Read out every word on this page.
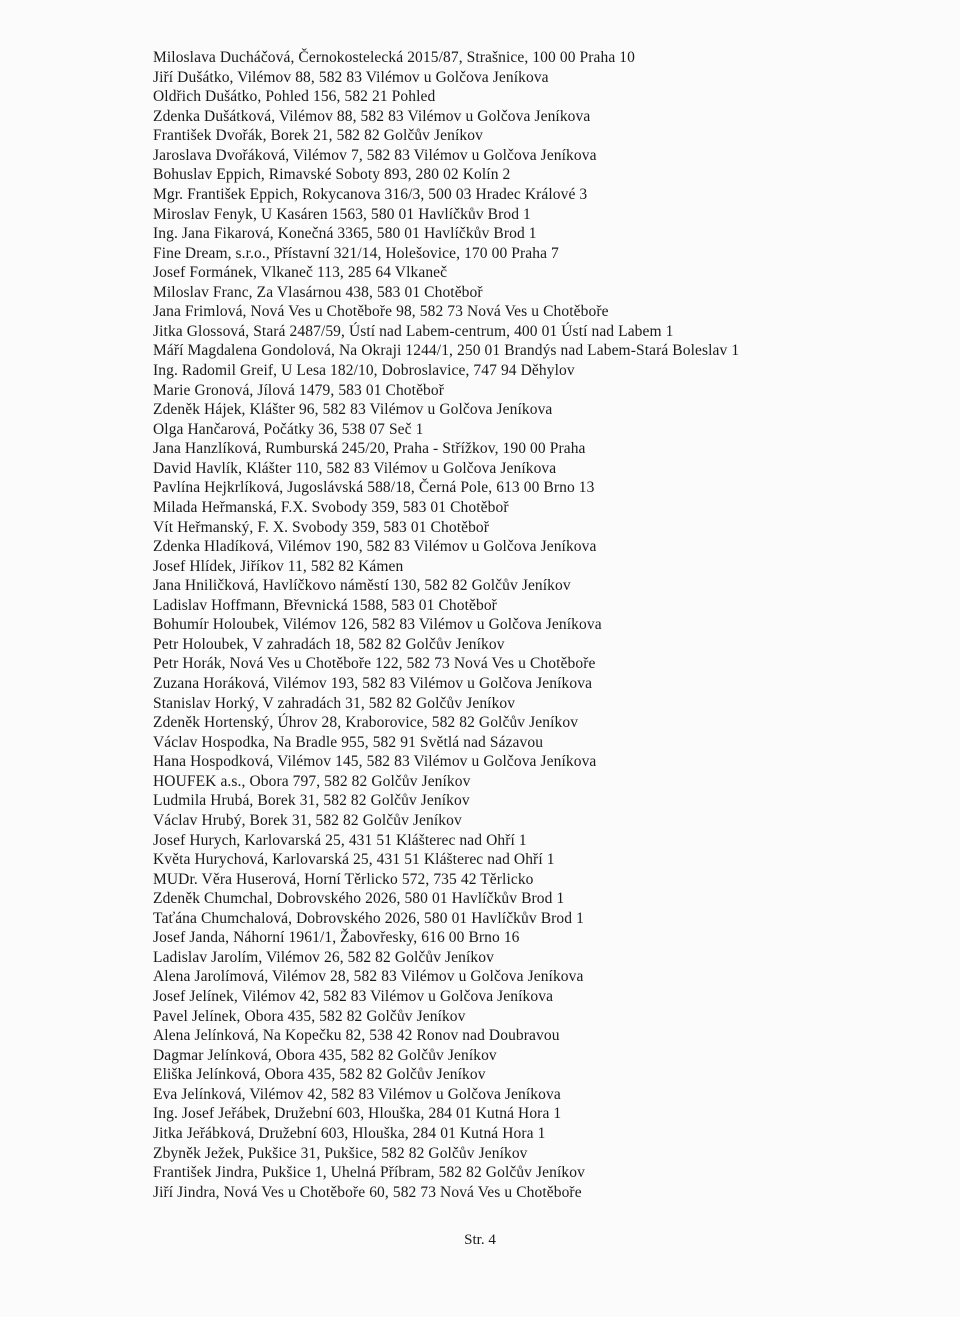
Miloslava Ducháčová, Černokostelecká 2015/87, Strašnice, 100 00 Praha 10
Jiří Dušátko, Vilémov 88, 582 83 Vilémov u Golčova Jeníkova
Oldřich Dušátko, Pohled 156, 582 21 Pohled
Zdenka Dušátková, Vilémov 88, 582 83 Vilémov u Golčova Jeníkova
František Dvořák, Borek 21, 582 82 Golčův Jeníkov
Jaroslava Dvořáková, Vilémov 7, 582 83 Vilémov u Golčova Jeníkova
Bohuslav Eppich, Rimavské Soboty 893, 280 02 Kolín 2
Mgr. František Eppich, Rokycanova 316/3, 500 03 Hradec Králové 3
Miroslav Fenyk, U Kasáren 1563, 580 01 Havlíčkův Brod 1
Ing. Jana Fikarová, Konečná 3365, 580 01 Havlíčkův Brod 1
Fine Dream, s.r.o., Přístavní 321/14, Holešovice, 170 00 Praha 7
Josef Formánek, Vlkaneč 113, 285 64 Vlkaneč
Miloslav Franc, Za Vlasárnou 438, 583 01 Chotěboř
Jana Frimlová, Nová Ves u Chotěboře 98, 582 73 Nová Ves u Chotěboře
Jitka Glossová, Stará 2487/59, Ústí nad Labem-centrum, 400 01 Ústí nad Labem 1
Máří Magdalena Gondolová, Na Okraji 1244/1, 250 01 Brandýs nad Labem-Stará Boleslav 1
Ing. Radomil Greif, U Lesa 182/10, Dobroslavice, 747 94 Děhylov
Marie Gronová, Jílová 1479, 583 01 Chotěboř
Zdeněk Hájek, Klášter 96, 582 83 Vilémov u Golčova Jeníkova
Olga Hančarová, Počátky 36, 538 07 Seč 1
Jana Hanzlíková, Rumburská 245/20, Praha - Střížkov, 190 00 Praha
David Havlík, Klášter 110, 582 83 Vilémov u Golčova Jeníkova
Pavlína Hejkrlíková, Jugoslávská 588/18, Černá Pole, 613 00 Brno 13
Milada Heřmanská, F.X. Svobody 359, 583 01 Chotěboř
Vít Heřmanský, F. X. Svobody 359, 583 01 Chotěboř
Zdenka Hladíková, Vilémov 190, 582 83 Vilémov u Golčova Jeníkova
Josef Hlídek, Jiříkov 11, 582 82 Kámen
Jana Hniličková, Havlíčkovo náměstí 130, 582 82 Golčův Jeníkov
Ladislav Hoffmann, Břevnická 1588, 583 01 Chotěboř
Bohumír Holoubek, Vilémov 126, 582 83 Vilémov u Golčova Jeníkova
Petr Holoubek, V zahradách 18, 582 82 Golčův Jeníkov
Petr Horák, Nová Ves u Chotěboře 122, 582 73 Nová Ves u Chotěboře
Zuzana Horáková, Vilémov 193, 582 83 Vilémov u Golčova Jeníkova
Stanislav Horký, V zahradách 31, 582 82 Golčův Jeníkov
Zdeněk Hortenský, Úhrov 28, Kraborovice, 582 82 Golčův Jeníkov
Václav Hospodka, Na Bradle 955, 582 91 Světlá nad Sázavou
Hana Hospodková, Vilémov 145, 582 83 Vilémov u Golčova Jeníkova
HOUFEK a.s., Obora 797, 582 82 Golčův Jeníkov
Ludmila Hrubá, Borek 31, 582 82 Golčův Jeníkov
Václav Hrubý, Borek 31, 582 82 Golčův Jeníkov
Josef Hurych, Karlovarská 25, 431 51 Klášterec nad Ohří 1
Květa Hurychová, Karlovarská 25, 431 51 Klášterec nad Ohří 1
MUDr. Věra Huserová, Horní Těrlicko 572, 735 42 Těrlicko
Zdeněk Chumchal, Dobrovského 2026, 580 01 Havlíčkův Brod 1
Taťána Chumchalová, Dobrovského 2026, 580 01 Havlíčkův Brod 1
Josef Janda, Náhorní 1961/1, Žabovřesky, 616 00 Brno 16
Ladislav Jarolím, Vilémov 26, 582 82 Golčův Jeníkov
Alena Jarolímová, Vilémov 28, 582 83 Vilémov u Golčova Jeníkova
Josef Jelínek, Vilémov 42, 582 83 Vilémov u Golčova Jeníkova
Pavel Jelínek, Obora 435, 582 82 Golčův Jeníkov
Alena Jelínková, Na Kopečku 82, 538 42 Ronov nad Doubravou
Dagmar Jelínková, Obora 435, 582 82 Golčův Jeníkov
Eliška Jelínková, Obora 435, 582 82 Golčův Jeníkov
Eva Jelínková, Vilémov 42, 582 83 Vilémov u Golčova Jeníkova
Ing. Josef Jeřábek, Družební 603, Hlouška, 284 01 Kutná Hora 1
Jitka Jeřábková, Družební 603, Hlouška, 284 01 Kutná Hora 1
Zbyněk Ježek, Pukšice 31, Pukšice, 582 82 Golčův Jeníkov
František Jindra, Pukšice 1, Uhelná Příbram, 582 82 Golčův Jeníkov
Jiří Jindra, Nová Ves u Chotěboře 60, 582 73 Nová Ves u Chotěboře
Str. 4
